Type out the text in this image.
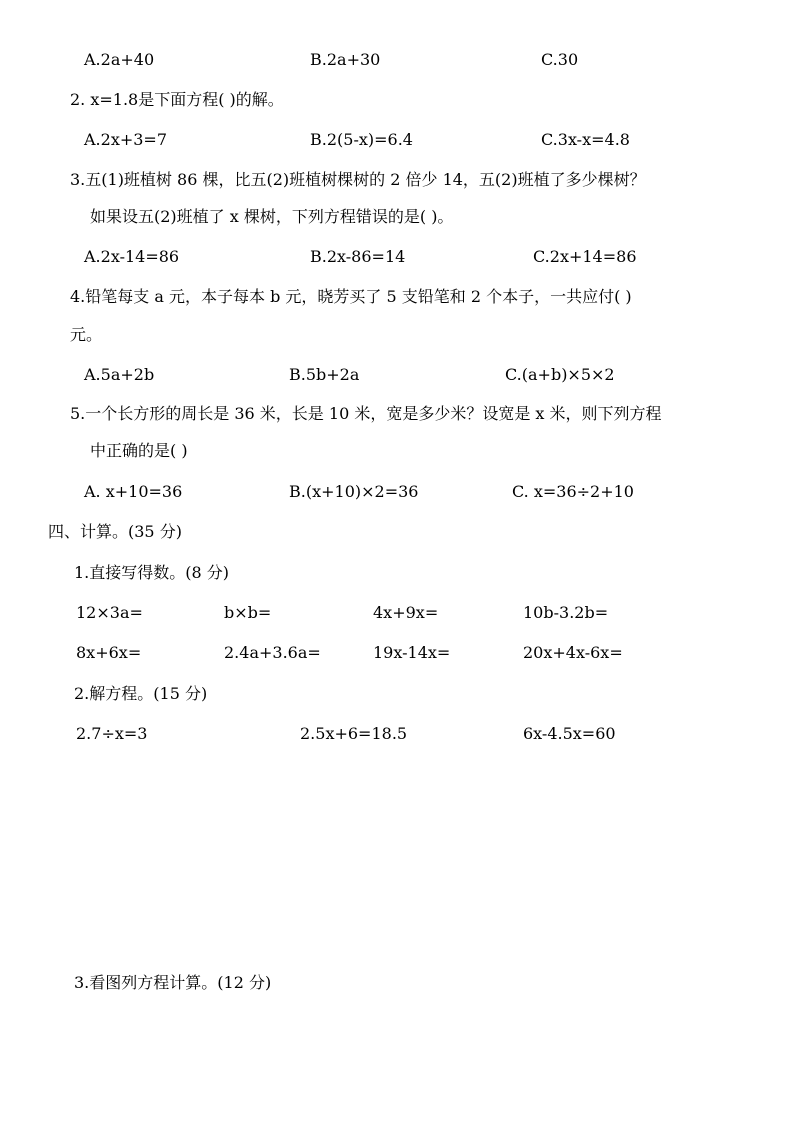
A.2a+40	B.2a+30	C.30
2. x=1.8是下面方程( )的解。
A.2x+3=7	B.2(5-x)=6.4	C.3x-x=4.8
3.五(1)班植树 86 棵，比五(2)班植树棵树的 2 倍少 14，五(2)班植了多少棵树？
如果设五(2)班植了 x 棵树，下列方程错误的是( )。
A.2x-14=86	B.2x-86=14	C.2x+14=86
4.铅笔每支 a 元，本子每本 b 元，晓芳买了 5 支铅笔和 2 个本子，一共应付( )
元。
A.5a+2b	B.5b+2a	C.(a+b)×5×2
5.一个长方形的周长是 36 米，长是 10 米，宽是多少米？设宽是 x 米，则下列方程
中正确的是( )
A. x+10=36	B.(x+10)×2=36	C. x=36÷2+10
四、计算。(35 分)
1.直接写得数。(8 分)
12×3a=	b×b=	4x+9x=	10b-3.2b=
8x+6x=	2.4a+3.6a=	19x-14x=	20x+4x-6x=
2.解方程。(15 分)
2.7÷x=3	2.5x+6=18.5	6x-4.5x=60
3.看图列方程计算。(12 分)
